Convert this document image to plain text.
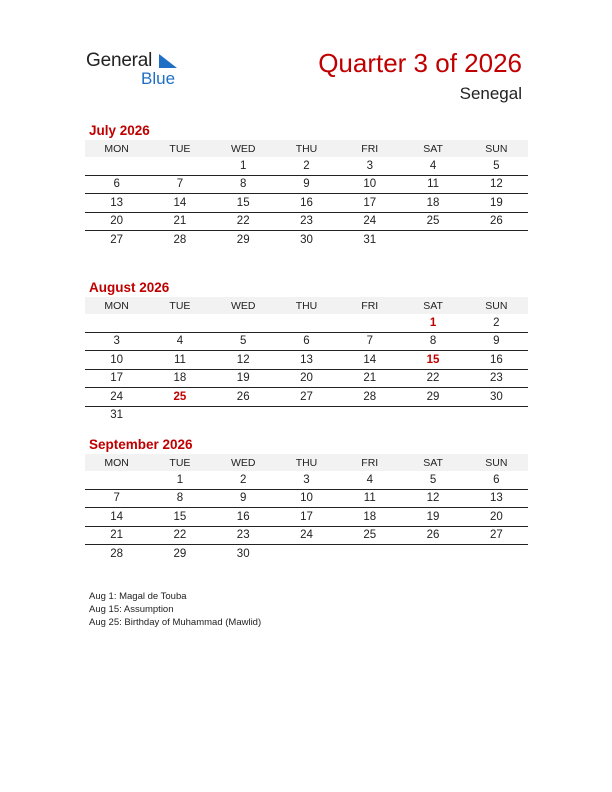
General
Blue
Quarter 3 of 2026
Senegal
July 2026
MON	TUE	WED	THU	FRI	SAT	SUN
		1	2	3	4	5
6	7	8	9	10	11	12
13	14	15	16	17	18	19
20	21	22	23	24	25	26
27	28	29	30	31		
August 2026
MON	TUE	WED	THU	FRI	SAT	SUN
					1	2
3	4	5	6	7	8	9
10	11	12	13	14	15	16
17	18	19	20	21	22	23
24	25	26	27	28	29	30
31						
September 2026
MON	TUE	WED	THU	FRI	SAT	SUN
	1	2	3	4	5	6
7	8	9	10	11	12	13
14	15	16	17	18	19	20
21	22	23	24	25	26	27
28	29	30				
Aug 1: Magal de Touba
Aug 15: Assumption
Aug 25: Birthday of Muhammad (Mawlid)
